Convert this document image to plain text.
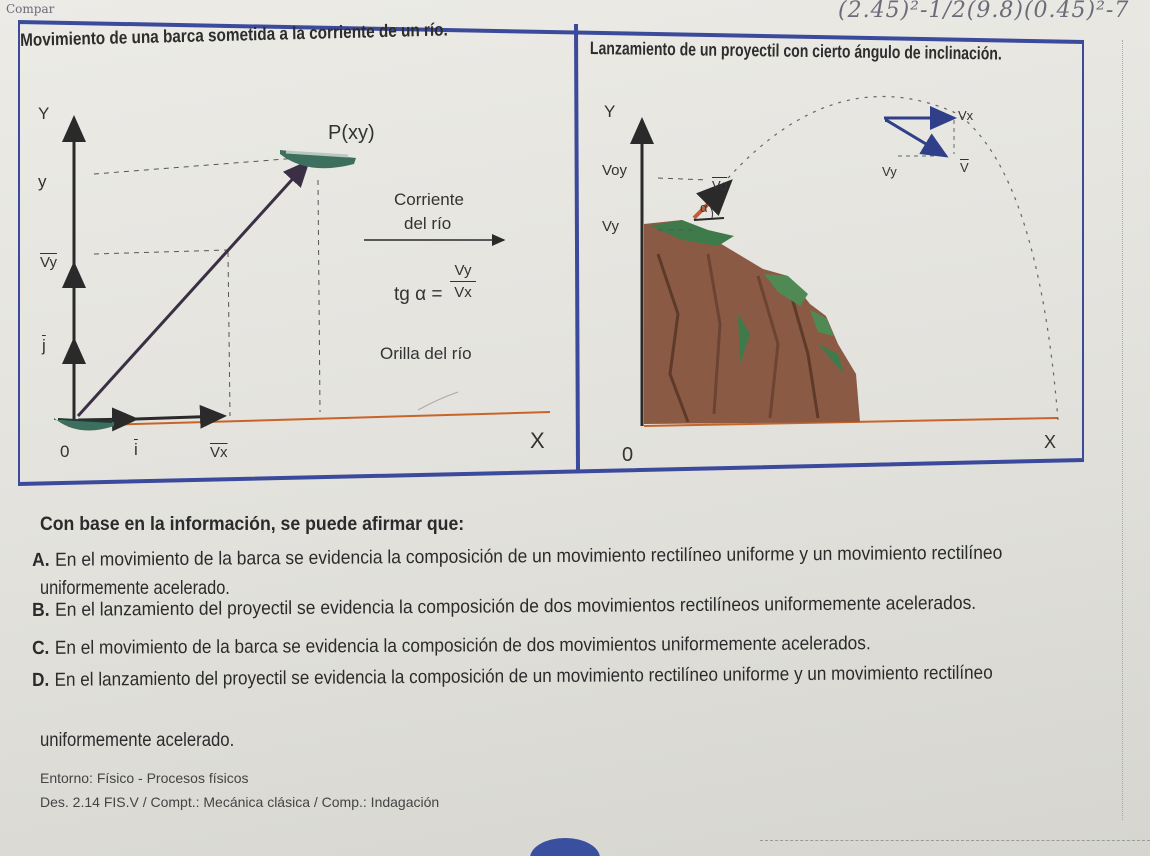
Compar	(2.45)²-1/2(9.8)(0.45)²-7
Movimiento de una barca sometida a la corriente de un río.
Y
P(xy)
y
$\overline{Vy}$
$\overline{j}$
0	$\overline{i}$	$\overline{Vx}$	X
Corriente
del río
tg α =
Vy
Vx
Orilla del río
Lanzamiento de un proyectil con cierto ángulo de inclinación.
Y
Voy
Vy
$\overline{Vo}$
α
Vx
Vy	$\overline{V}$
0
X
Con base en la información, se puede afirmar que:
A. En el movimiento de la barca se evidencia la composición de un movimiento rectilíneo uniforme y un movimiento rectilíneo
uniformemente acelerado.
B. En el lanzamiento del proyectil se evidencia la composición de dos movimientos rectilíneos uniformemente acelerados.
C. En el movimiento de la barca se evidencia la composición de dos movimientos uniformemente acelerados.
D. En el lanzamiento del proyectil se evidencia la composición de un movimiento rectilíneo uniforme y un movimiento rectilíneo
uniformemente acelerado.
Entorno: Físico - Procesos físicos
Des. 2.14 FIS.V / Compt.: Mecánica clásica / Comp.: Indagación
